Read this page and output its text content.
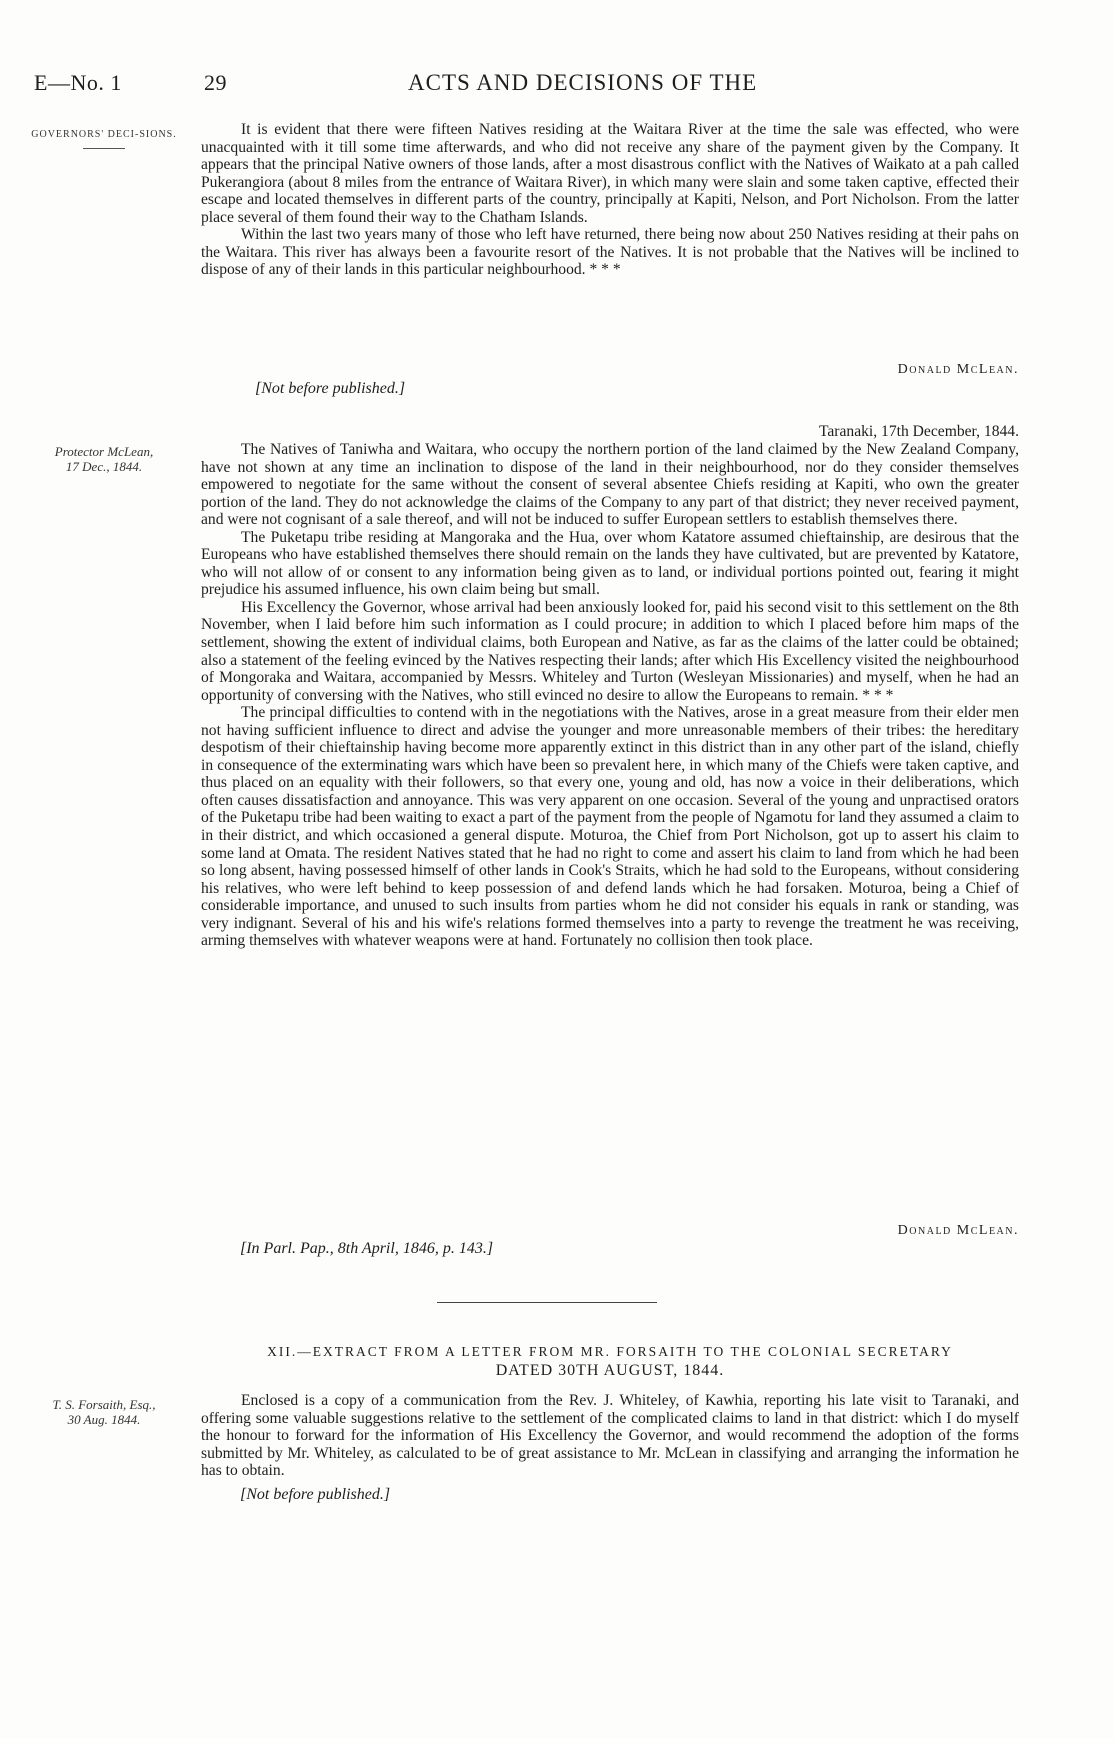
E—No. 1	29	ACTS AND DECISIONS OF THE
GOVERNORS' DECI-SIONS.
Protector McLean,
17 Dec., 1844.
T. S. Forsaith, Esq.,
30 Aug. 1844.

It is evident that there were fifteen Natives residing at the Waitara River at the time the sale was effected, who were unacquainted with it till some time afterwards, and who did not receive any share of the payment given by the Company. It appears that the principal Native owners of those lands, after a most disastrous conflict with the Natives of Waikato at a pah called Pukerangiora (about 8 miles from the entrance of Waitara River), in which many were slain and some taken captive, effected their escape and located themselves in different parts of the country, principally at Kapiti, Nelson, and Port Nicholson. From the latter place several of them found their way to the Chatham Islands.

Within the last two years many of those who left have returned, there being now about 250 Natives residing at their pahs on the Waitara. This river has always been a favourite resort of the Natives. It is not probable that the Natives will be inclined to dispose of any of their lands in this particular neighbourhood. * * *

Donald McLean.
[Not before published.]
Taranaki, 17th December, 1844.

The Natives of Taniwha and Waitara, who occupy the northern portion of the land claimed by the New Zealand Company, have not shown at any time an inclination to dispose of the land in their neighbourhood, nor do they consider themselves empowered to negotiate for the same without the consent of several absentee Chiefs residing at Kapiti, who own the greater portion of the land. They do not acknowledge the claims of the Company to any part of that district; they never received payment, and were not cognisant of a sale thereof, and will not be induced to suffer European settlers to establish themselves there.

The Puketapu tribe residing at Mangoraka and the Hua, over whom Katatore assumed chieftainship, are desirous that the Europeans who have established themselves there should remain on the lands they have cultivated, but are prevented by Katatore, who will not allow of or consent to any information being given as to land, or individual portions pointed out, fearing it might prejudice his assumed influence, his own claim being but small.

His Excellency the Governor, whose arrival had been anxiously looked for, paid his second visit to this settlement on the 8th November, when I laid before him such information as I could procure; in addition to which I placed before him maps of the settlement, showing the extent of individual claims, both European and Native, as far as the claims of the latter could be obtained; also a statement of the feeling evinced by the Natives respecting their lands; after which His Excellency visited the neighbourhood of Mongoraka and Waitara, accompanied by Messrs. Whiteley and Turton (Wesleyan Missionaries) and myself, when he had an opportunity of conversing with the Natives, who still evinced no desire to allow the Europeans to remain. * * *

The principal difficulties to contend with in the negotiations with the Natives, arose in a great measure from their elder men not having sufficient influence to direct and advise the younger and more unreasonable members of their tribes: the hereditary despotism of their chieftainship having become more apparently extinct in this district than in any other part of the island, chiefly in consequence of the exterminating wars which have been so prevalent here, in which many of the Chiefs were taken captive, and thus placed on an equality with their followers, so that every one, young and old, has now a voice in their deliberations, which often causes dissatisfaction and annoyance. This was very apparent on one occasion. Several of the young and unpractised orators of the Puketapu tribe had been waiting to exact a part of the payment from the people of Ngamotu for land they assumed a claim to in their district, and which occasioned a general dispute. Moturoa, the Chief from Port Nicholson, got up to assert his claim to some land at Omata. The resident Natives stated that he had no right to come and assert his claim to land from which he had been so long absent, having possessed himself of other lands in Cook's Straits, which he had sold to the Europeans, without considering his relatives, who were left behind to keep possession of and defend lands which he had forsaken. Moturoa, being a Chief of considerable importance, and unused to such insults from parties whom he did not consider his equals in rank or standing, was very indignant. Several of his and his wife's relations formed themselves into a party to revenge the treatment he was receiving, arming themselves with whatever weapons were at hand. Fortunately no collision then took place.

Donald McLean.
[In Parl. Pap., 8th April, 1846, p. 143.]
XII.—EXTRACT FROM A LETTER FROM MR. FORSAITH TO THE COLONIAL SECRETARY
DATED 30TH AUGUST, 1844.

Enclosed is a copy of a communication from the Rev. J. Whiteley, of Kawhia, reporting his late visit to Taranaki, and offering some valuable suggestions relative to the settlement of the complicated claims to land in that district: which I do myself the honour to forward for the information of His Excellency the Governor, and would recommend the adoption of the forms submitted by Mr. Whiteley, as calculated to be of great assistance to Mr. McLean in classifying and arranging the information he has to obtain.

[Not before published.]
